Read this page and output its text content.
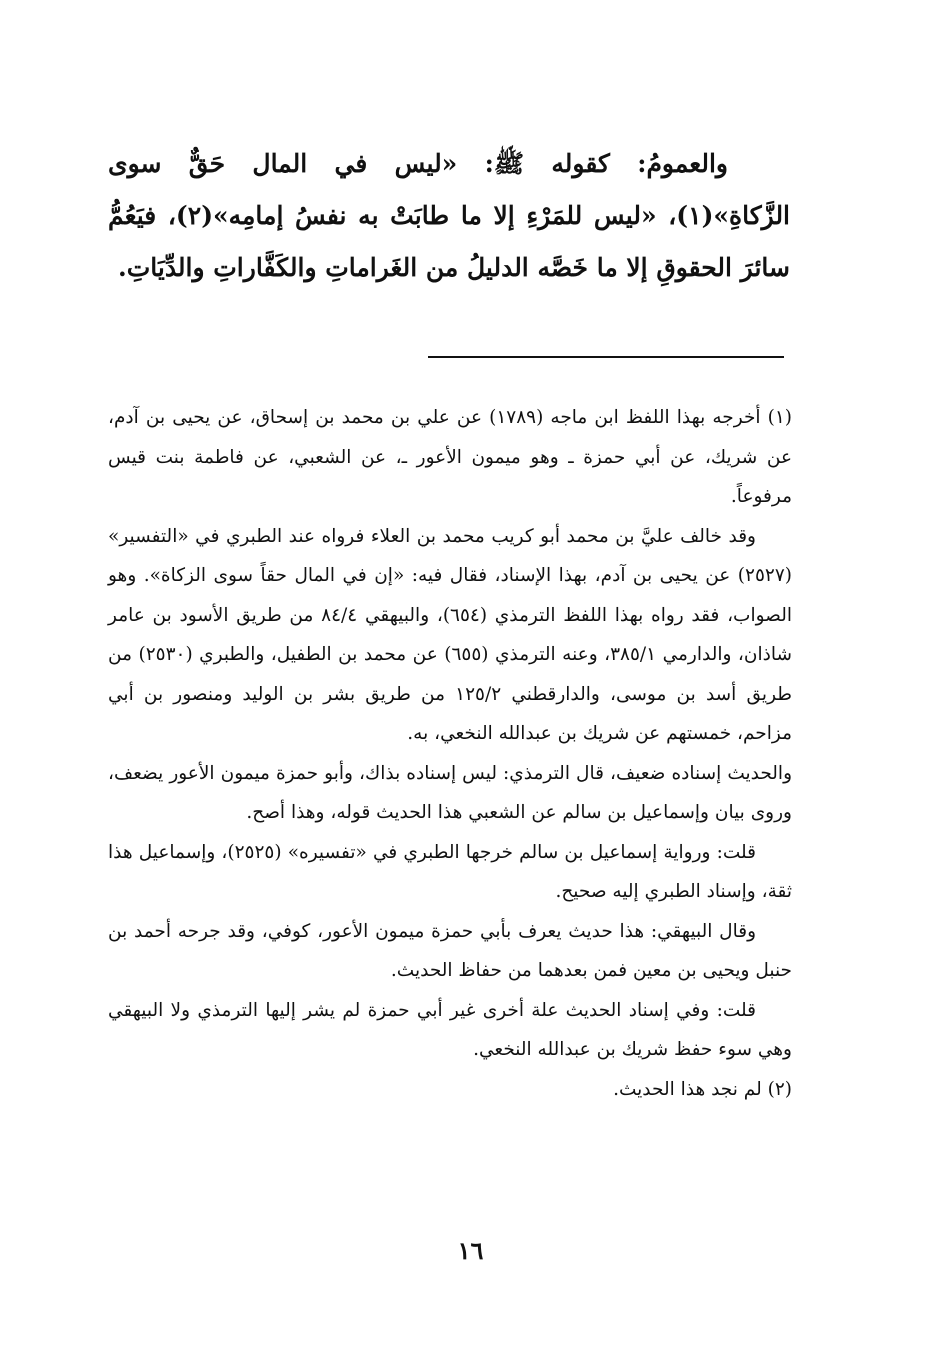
والعمومُ: كقوله ﷺ: «ليس في المال حَقٌّ سوى الزَّكاةِ»(١)، «ليس للمَرْءِ إلا ما طابَتْ به نفسُ إمامِه»(٢)، فيَعُمُّ سائرَ الحقوقِ إلا ما خَصَّه الدليلُ من الغَراماتِ والكَفَّاراتِ والدِّيَاتِ.

(١) أخرجه بهذا اللفظ ابن ماجه (١٧٨٩) عن علي بن محمد بن إسحاق، عن يحيى بن آدم، عن شريك، عن أبي حمزة ـ وهو ميمون الأعور ـ، عن الشعبي، عن فاطمة بنت قيس مرفوعاً.

وقد خالف عليَّ بن محمد أبو كريب محمد بن العلاء فرواه عند الطبري في «التفسير» (٢٥٢٧) عن يحيى بن آدم، بهذا الإسناد، فقال فيه: «إن في المال حقاً سوى الزكاة». وهو الصواب، فقد رواه بهذا اللفظ الترمذي (٦٥٤)، والبيهقي ٨٤/٤ من طريق الأسود بن عامر شاذان، والدارمي ٣٨٥/١، وعنه الترمذي (٦٥٥) عن محمد بن الطفيل، والطبري (٢٥٣٠) من طريق أسد بن موسى، والدارقطني ١٢٥/٢ من طريق بشر بن الوليد ومنصور بن أبي مزاحم، خمستهم عن شريك بن عبدالله النخعي، به.

والحديث إسناده ضعيف، قال الترمذي: ليس إسناده بذاك، وأبو حمزة ميمون الأعور يضعف، وروى بيان وإسماعيل بن سالم عن الشعبي هذا الحديث قوله، وهذا أصح.

قلت: ورواية إسماعيل بن سالم خرجها الطبري في «تفسيره» (٢٥٢٥)، وإسماعيل هذا ثقة، وإسناد الطبري إليه صحيح.

وقال البيهقي: هذا حديث يعرف بأبي حمزة ميمون الأعور، كوفي، وقد جرحه أحمد بن حنبل ويحيى بن معين فمن بعدهما من حفاظ الحديث.

قلت: وفي إسناد الحديث علة أخرى غير أبي حمزة لم يشر إليها الترمذي ولا البيهقي وهي سوء حفظ شريك بن عبدالله النخعي.

(٢) لم نجد هذا الحديث.

١٦
